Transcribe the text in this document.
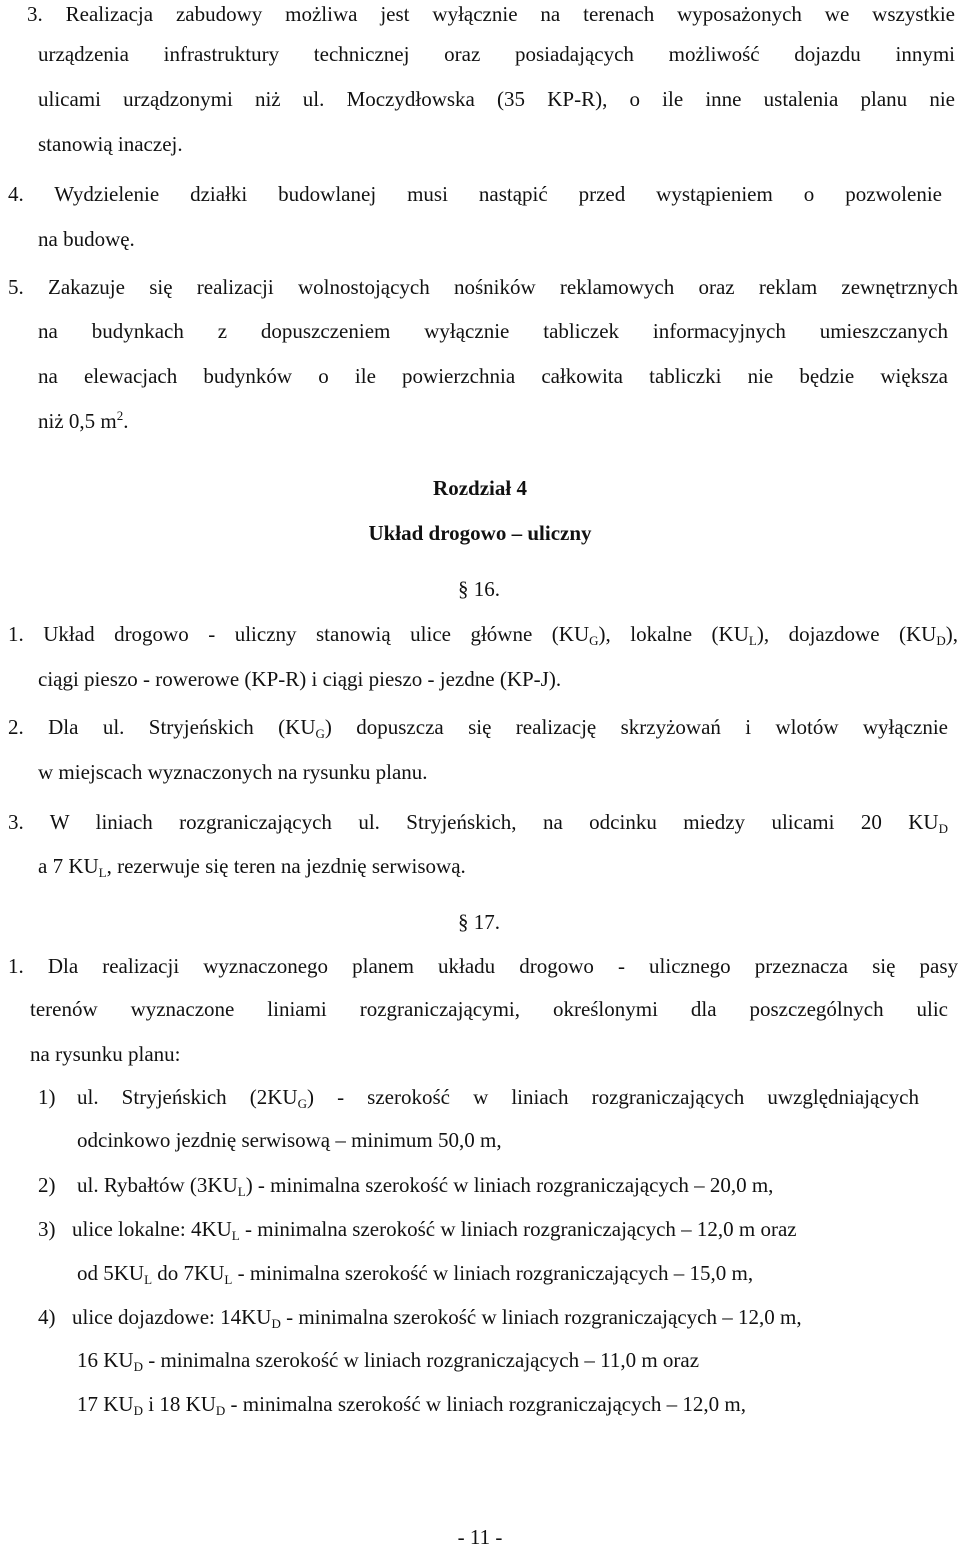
3. Realizacja zabudowy możliwa jest wyłącznie na terenach wyposażonych we wszystkie
urządzenia infrastruktury technicznej oraz posiadających możliwość dojazdu innymi
ulicami urządzonymi niż ul. Moczydłowska (35 KP-R), o ile inne ustalenia planu nie
stanowią inaczej.
4. Wydzielenie działki budowlanej musi nastąpić przed wystąpieniem o pozwolenie
na budowę.
5. Zakazuje się realizacji wolnostojących nośników reklamowych oraz reklam zewnętrznych
na budynkach z dopuszczeniem wyłącznie tabliczek informacyjnych umieszczanych
na elewacjach budynków o ile powierzchnia całkowita tabliczki nie będzie większa
niż 0,5 $m^2$.
Rozdział 4
Układ drogowo – uliczny
§ 16.
1. Układ drogowo - uliczny stanowią ulice główne $(KU_G)$, lokalne $(KU_L)$, dojazdowe $(KU_D)$,
ciągi pieszo - rowerowe (KP-R) i ciągi pieszo - jezdne (KP-J).
2. Dla ul. Stryjeńskich $(KU_G)$ dopuszcza się realizację skrzyżowań i wlotów wyłącznie
w miejscach wyznaczonych na rysunku planu.
3. W liniach rozgraniczających ul. Stryjeńskich, na odcinku miedzy ulicami 20 $KU_D$
a 7 $KU_L$, rezerwuje się teren na jezdnię serwisową.
§ 17.
1. Dla realizacji wyznaczonego planem układu drogowo - ulicznego przeznacza się pasy
terenów wyznaczone liniami rozgraniczającymi, określonymi dla poszczególnych ulic
na rysunku planu:
1) ul. Stryjeńskich $(2KU_G)$ - szerokość w liniach rozgraniczających uwzględniających
odcinkowo jezdnię serwisową – minimum 50,0 m,
2) ul. Rybałtów $(3KU_L)$ - minimalna szerokość w liniach rozgraniczających – 20,0 m,
3) ulice lokalne: $4KU_L$ - minimalna szerokość w liniach rozgraniczających – 12,0 m oraz
od $5KU_L$ do $7KU_L$ - minimalna szerokość w liniach rozgraniczających – 15,0 m,
4) ulice dojazdowe: $14KU_D$ - minimalna szerokość w liniach rozgraniczających – 12,0 m,
16 $KU_D$ - minimalna szerokość w liniach rozgraniczających – 11,0 m oraz
17 $KU_D$ i 18 $KU_D$ - minimalna szerokość w liniach rozgraniczających – 12,0 m,
- 11 -
